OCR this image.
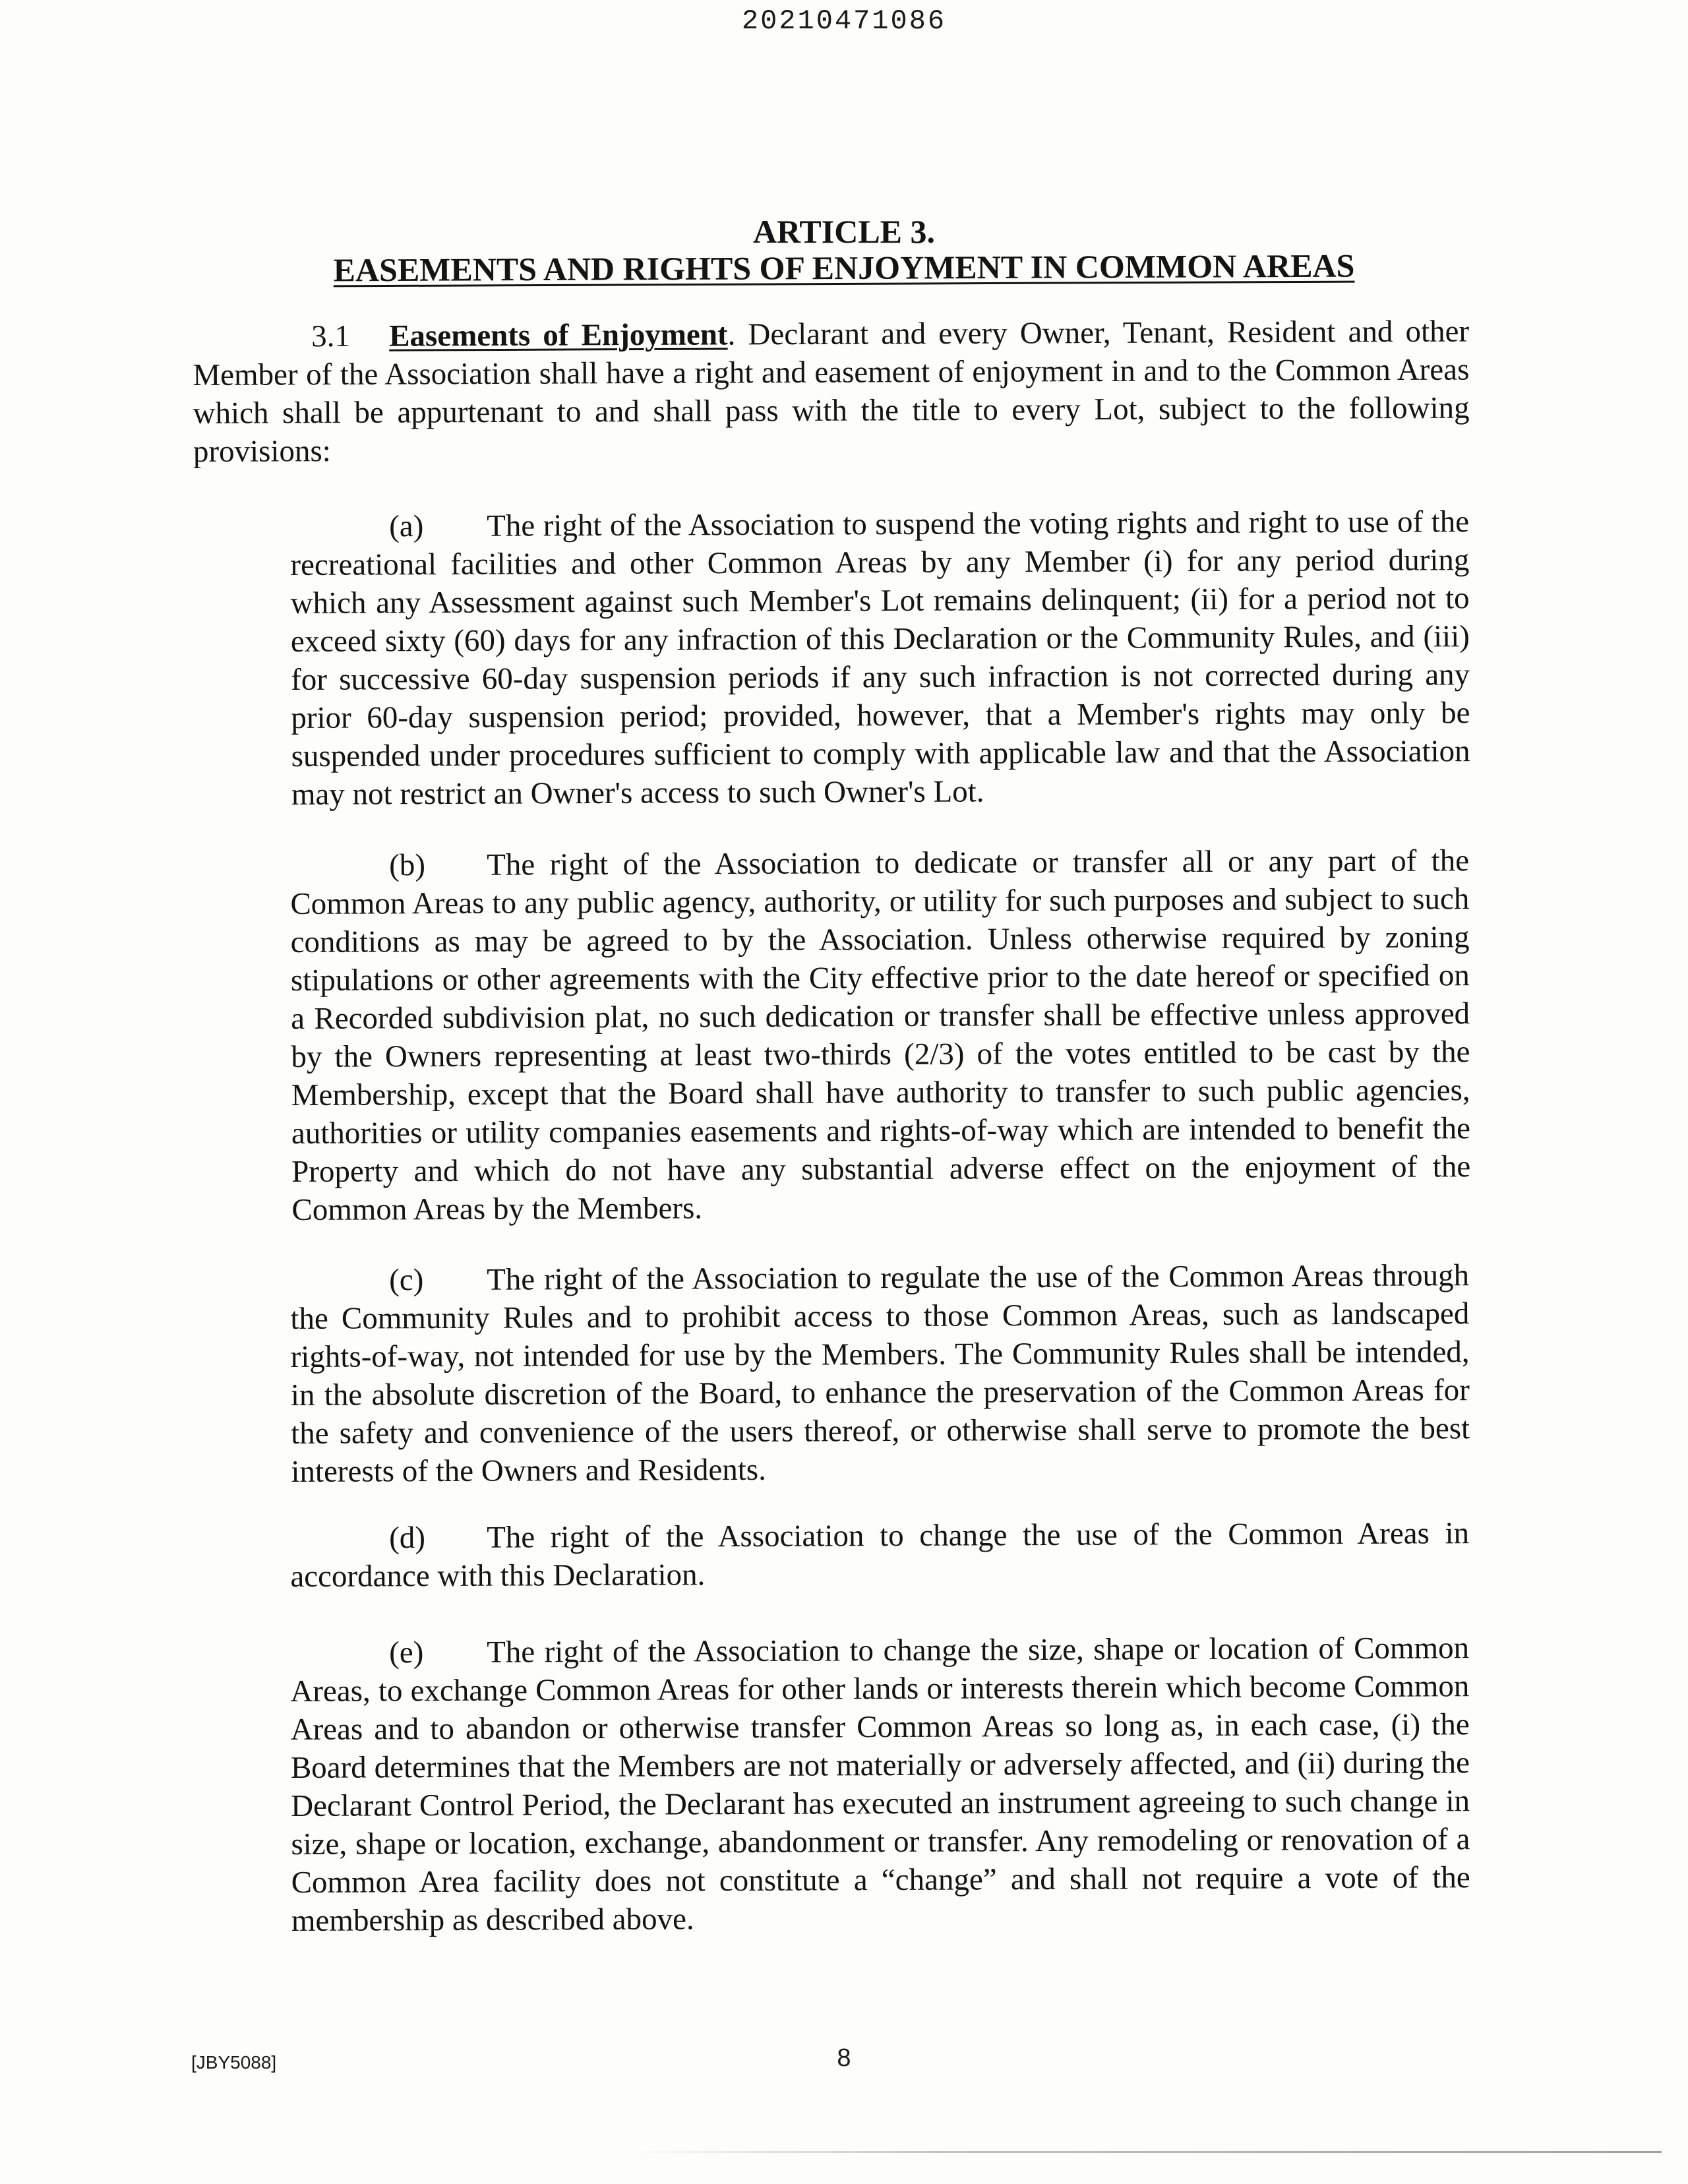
20210471086
ARTICLE 3.
EASEMENTS AND RIGHTS OF ENJOYMENT IN COMMON AREAS
3.1 Easements of Enjoyment. Declarant and every Owner, Tenant, Resident and other Member of the Association shall have a right and easement of enjoyment in and to the Common Areas which shall be appurtenant to and shall pass with the title to every Lot, subject to the following provisions:
(a) The right of the Association to suspend the voting rights and right to use of the recreational facilities and other Common Areas by any Member (i) for any period during which any Assessment against such Member's Lot remains delinquent; (ii) for a period not to exceed sixty (60) days for any infraction of this Declaration or the Community Rules, and (iii) for successive 60-day suspension periods if any such infraction is not corrected during any prior 60-day suspension period; provided, however, that a Member's rights may only be suspended under procedures sufficient to comply with applicable law and that the Association may not restrict an Owner's access to such Owner's Lot.
(b) The right of the Association to dedicate or transfer all or any part of the Common Areas to any public agency, authority, or utility for such purposes and subject to such conditions as may be agreed to by the Association. Unless otherwise required by zoning stipulations or other agreements with the City effective prior to the date hereof or specified on a Recorded subdivision plat, no such dedication or transfer shall be effective unless approved by the Owners representing at least two-thirds (2/3) of the votes entitled to be cast by the Membership, except that the Board shall have authority to transfer to such public agencies, authorities or utility companies easements and rights-of-way which are intended to benefit the Property and which do not have any substantial adverse effect on the enjoyment of the Common Areas by the Members.
(c) The right of the Association to regulate the use of the Common Areas through the Community Rules and to prohibit access to those Common Areas, such as landscaped rights-of-way, not intended for use by the Members. The Community Rules shall be intended, in the absolute discretion of the Board, to enhance the preservation of the Common Areas for the safety and convenience of the users thereof, or otherwise shall serve to promote the best interests of the Owners and Residents.
(d) The right of the Association to change the use of the Common Areas in accordance with this Declaration.
(e) The right of the Association to change the size, shape or location of Common Areas, to exchange Common Areas for other lands or interests therein which become Common Areas and to abandon or otherwise transfer Common Areas so long as, in each case, (i) the Board determines that the Members are not materially or adversely affected, and (ii) during the Declarant Control Period, the Declarant has executed an instrument agreeing to such change in size, shape or location, exchange, abandonment or transfer. Any remodeling or renovation of a Common Area facility does not constitute a “change” and shall not require a vote of the membership as described above.
[JBY5088]	8
